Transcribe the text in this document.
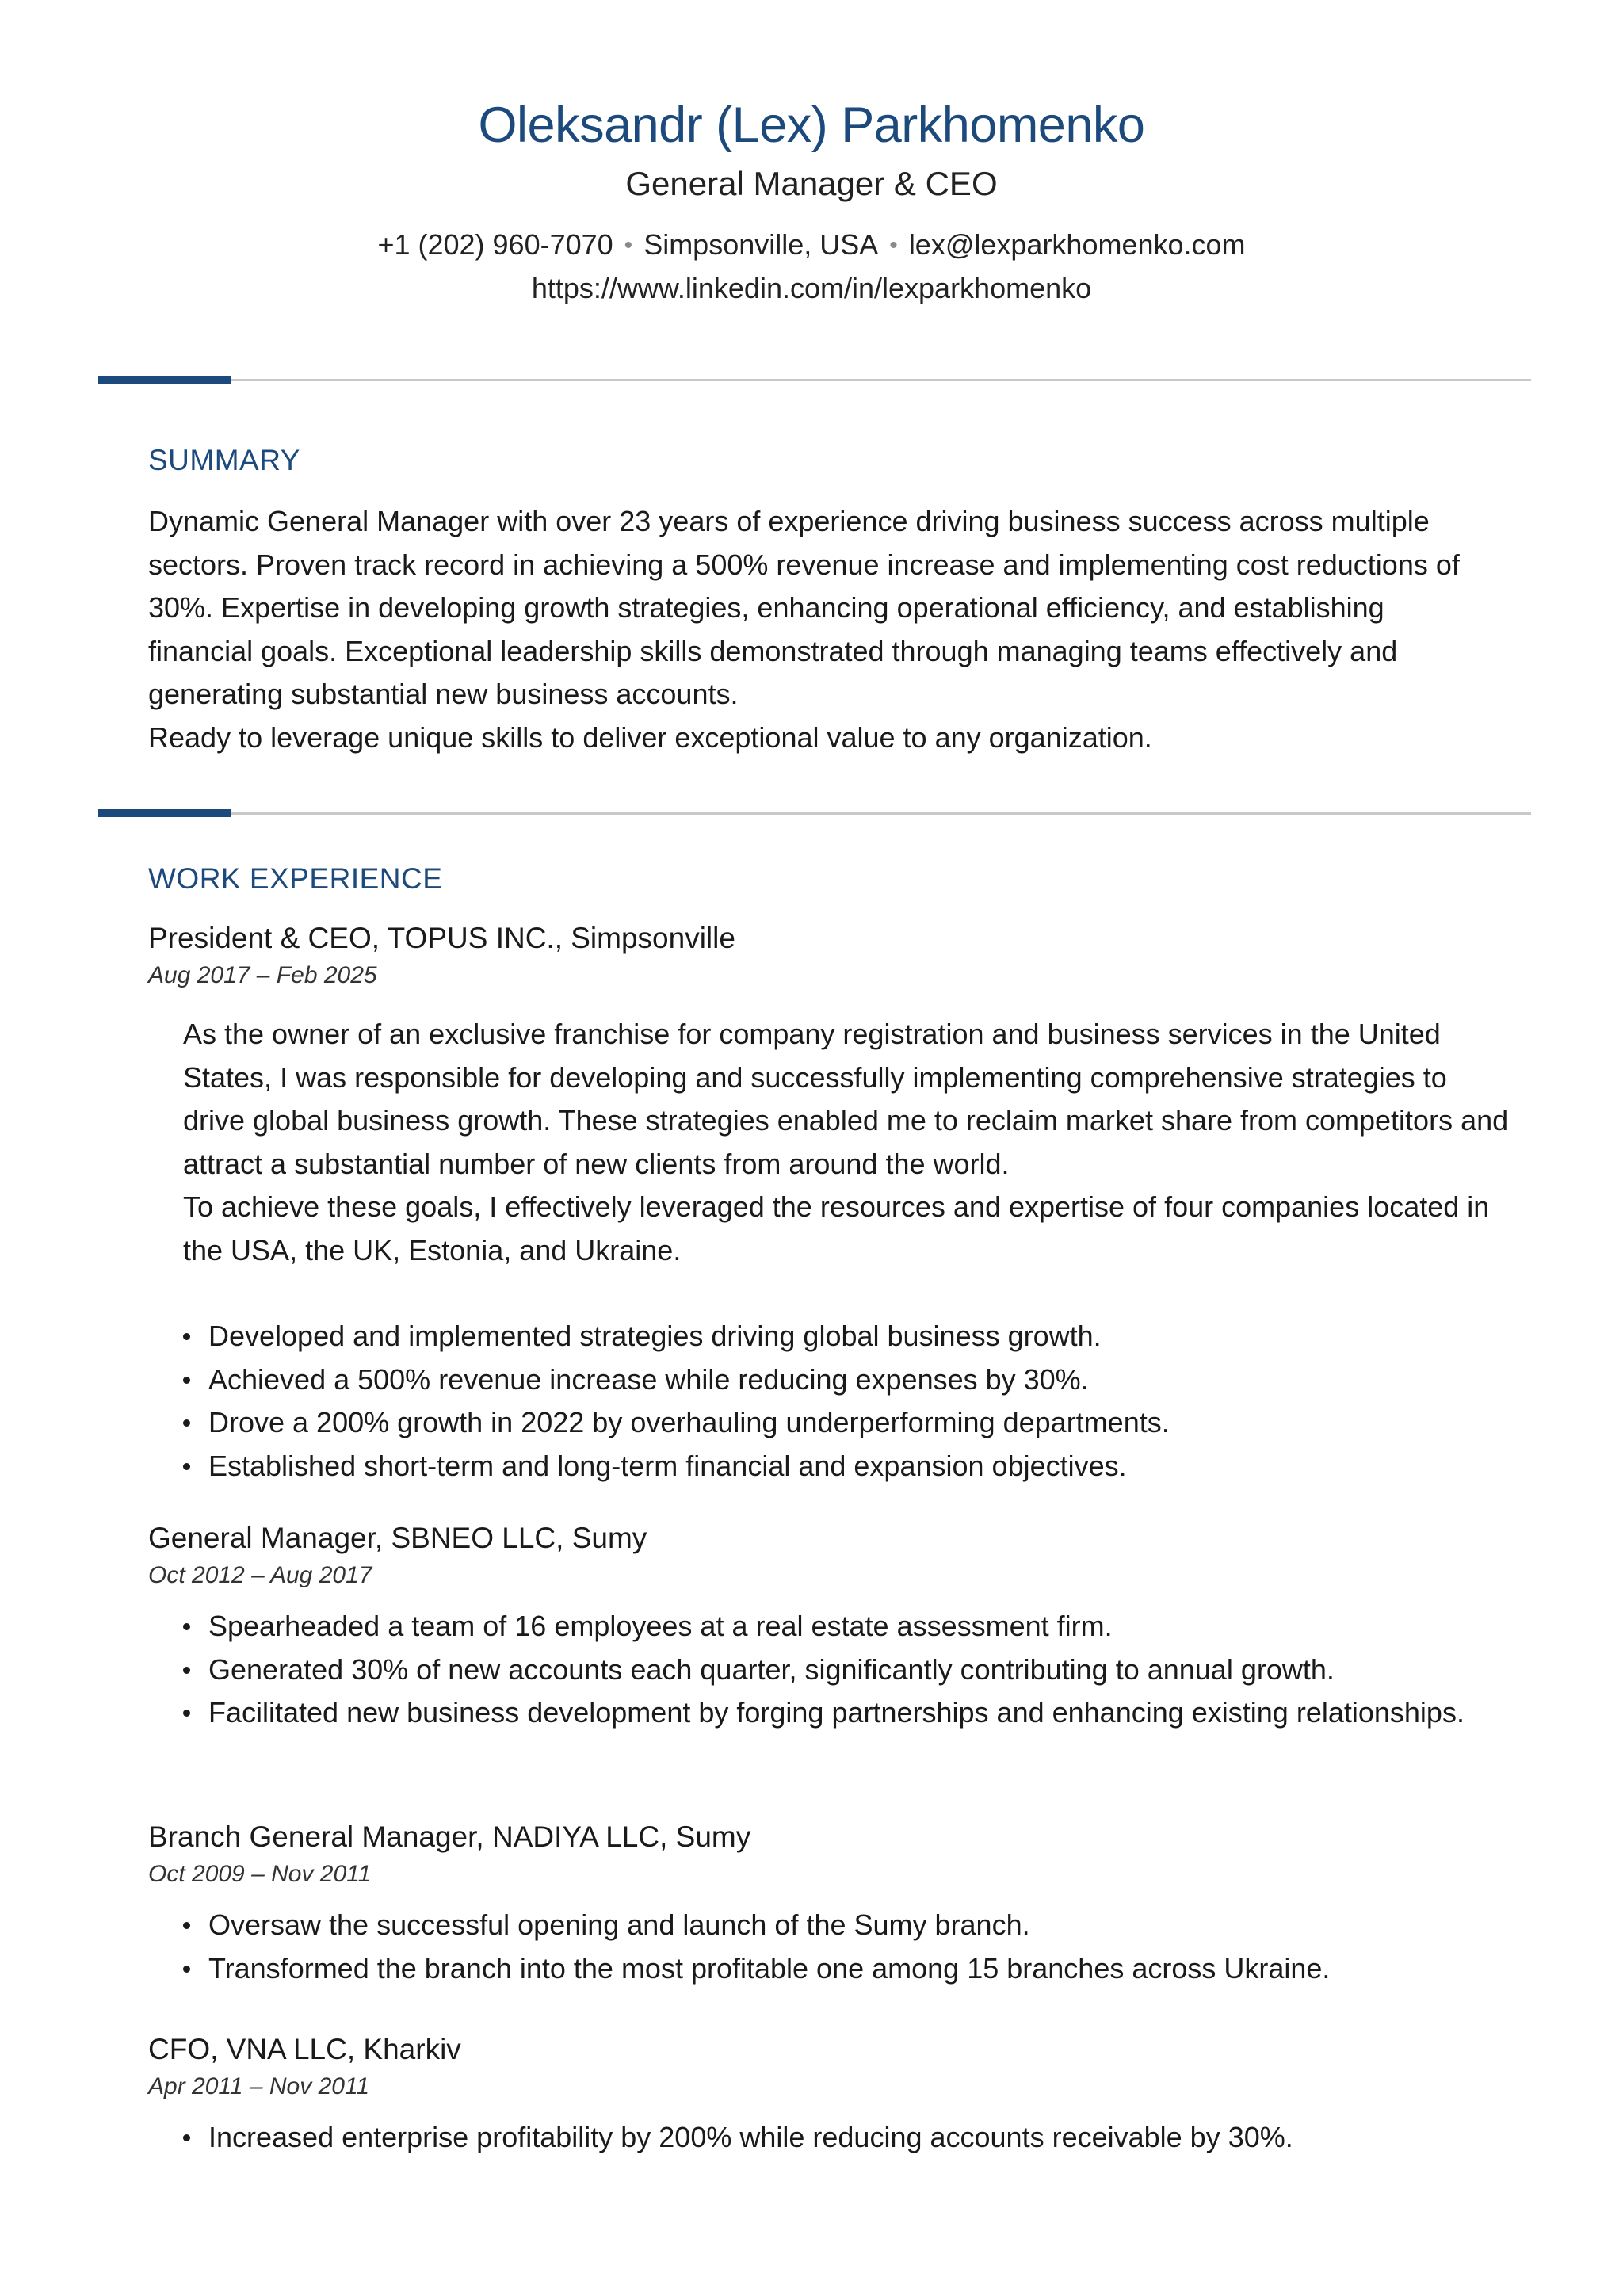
Oleksandr (Lex) Parkhomenko
General Manager & CEO
+1 (202) 960-7070 • Simpsonville, USA • lex@lexparkhomenko.com
https://www.linkedin.com/in/lexparkhomenko
SUMMARY

Dynamic General Manager with over 23 years of experience driving business success across multiple sectors. Proven track record in achieving a 500% revenue increase and implementing cost reductions of 30%. Expertise in developing growth strategies, enhancing operational efficiency, and establishing financial goals. Exceptional leadership skills demonstrated through managing teams effectively and generating substantial new business accounts.

Ready to leverage unique skills to deliver exceptional value to any organization.

WORK EXPERIENCE
President & CEO, TOPUS INC., Simpsonville
Aug 2017 – Feb 2025

As the owner of an exclusive franchise for company registration and business services in the United States, I was responsible for developing and successfully implementing comprehensive strategies to drive global business growth. These strategies enabled me to reclaim market share from competitors and attract a substantial number of new clients from around the world.

To achieve these goals, I effectively leveraged the resources and expertise of four companies located in the USA, the UK, Estonia, and Ukraine.

Developed and implemented strategies driving global business growth.
Achieved a 500% revenue increase while reducing expenses by 30%.
Drove a 200% growth in 2022 by overhauling underperforming departments.
Established short-term and long-term financial and expansion objectives.
General Manager, SBNEO LLC, Sumy
Oct 2012 – Aug 2017
Spearheaded a team of 16 employees at a real estate assessment firm.
Generated 30% of new accounts each quarter, significantly contributing to annual growth.
Facilitated new business development by forging partnerships and enhancing existing relationships.
Branch General Manager, NADIYA LLC, Sumy
Oct 2009 – Nov 2011
Oversaw the successful opening and launch of the Sumy branch.
Transformed the branch into the most profitable one among 15 branches across Ukraine.
CFO, VNA LLC, Kharkiv
Apr 2011 – Nov 2011
Increased enterprise profitability by 200% while reducing accounts receivable by 30%.
